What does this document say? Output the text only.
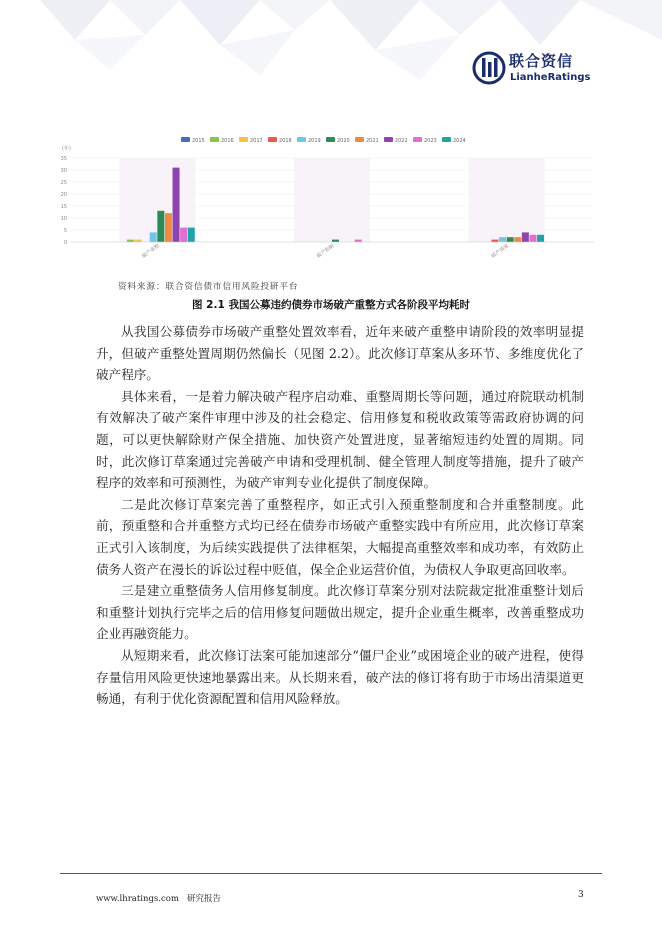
联合资信
LianheRatings
2015	2016	2017	2018	2019	2020	2021	2022	2023	2024
(年)
0
5
10
15
20
25
30
35
破产重整	破产和解	破产清算
资料来源：联合资信债市信用风险投研平台
图 2.1 我国公募违约债券市场破产重整方式各阶段平均耗时

从我国公募债券市场破产重整处置效率看，近年来破产重整申请阶段的效率明显提升，但破产重整处置周期仍然偏长（见图 2.2）。此次修订草案从多环节、多维度优化了破产程序。

具体来看，一是着力解决破产程序启动难、重整周期长等问题，通过府院联动机制有效解决了破产案件审理中涉及的社会稳定、信用修复和税收政策等需政府协调的问题，可以更快解除财产保全措施、加快资产处置进度，显著缩短违约处置的周期。同时，此次修订草案通过完善破产申请和受理机制、健全管理人制度等措施，提升了破产程序的效率和可预测性，为破产审判专业化提供了制度保障。

二是此次修订草案完善了重整程序，如正式引入预重整制度和合并重整制度。此前，预重整和合并重整方式均已经在债券市场破产重整实践中有所应用，此次修订草案正式引入该制度，为后续实践提供了法律框架，大幅提高重整效率和成功率，有效防止债务人资产在漫长的诉讼过程中贬值，保全企业运营价值，为债权人争取更高回收率。

三是建立重整债务人信用修复制度。此次修订草案分别对法院裁定批准重整计划后和重整计划执行完毕之后的信用修复问题做出规定，提升企业重生概率，改善重整成功企业再融资能力。

从短期来看，此次修订法案可能加速部分“僵尸企业”或困境企业的破产进程，使得存量信用风险更快速地暴露出来。从长期来看，破产法的修订将有助于市场出清渠道更畅通，有利于优化资源配置和信用风险释放。

www.lhratings.com 研究报告	3
